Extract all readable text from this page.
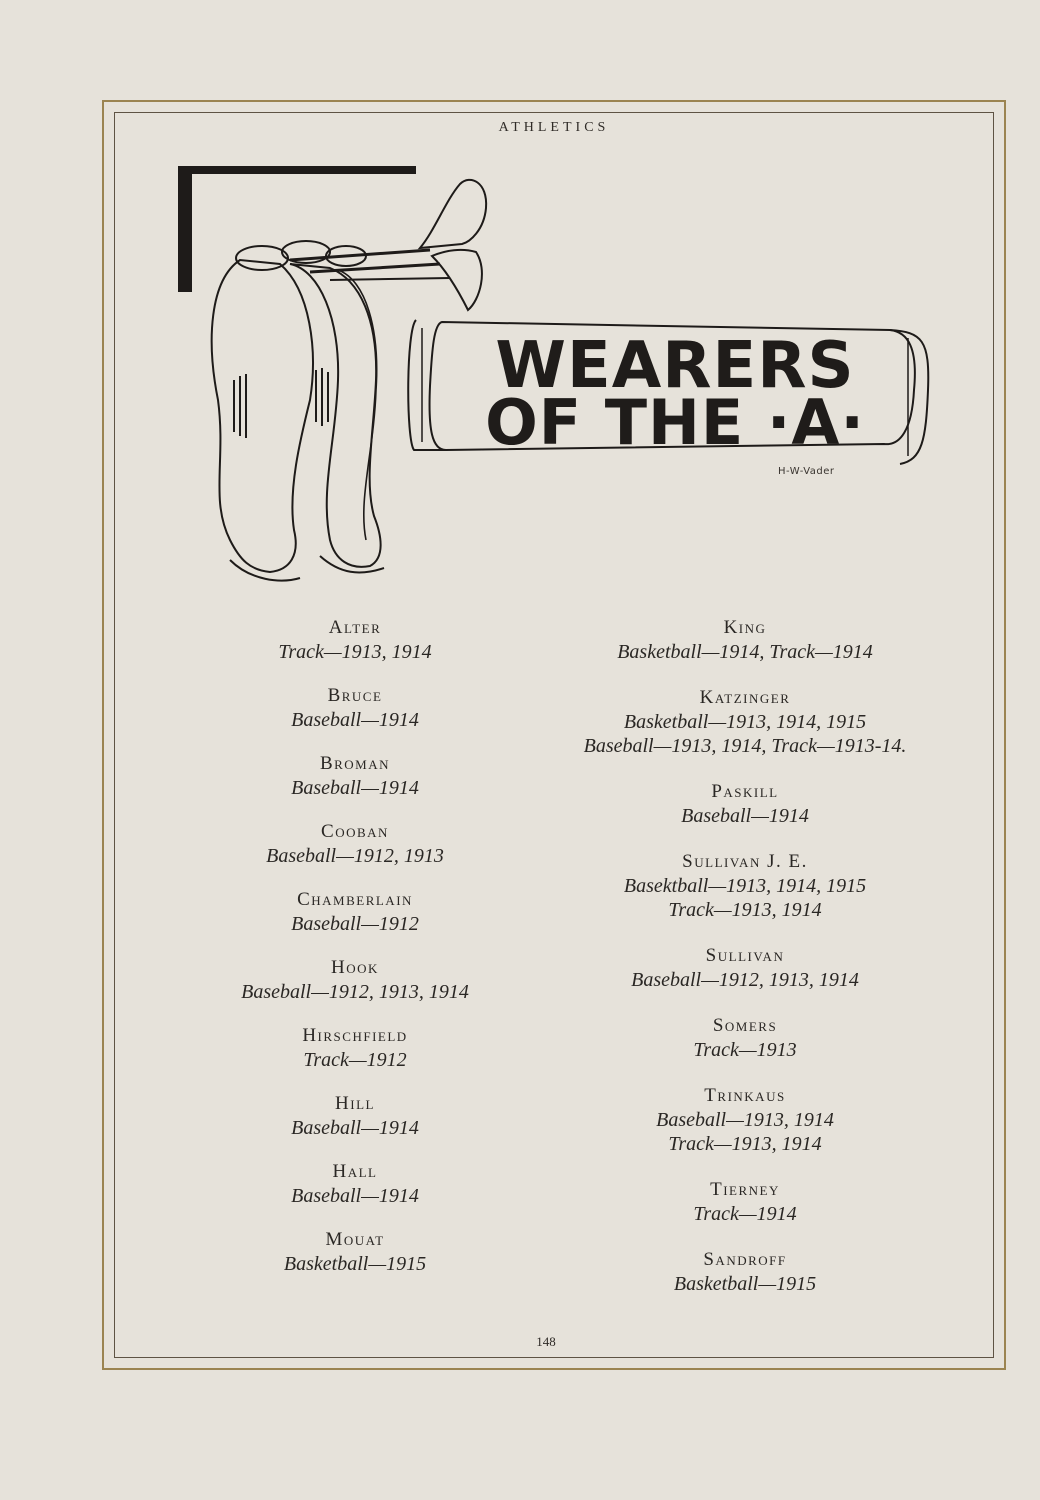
ATHLETICS
WEARERS
OF THE ·A·
H-W-Vader
Alter
Track—1913, 1914
Bruce
Baseball—1914
Broman
Baseball—1914
Cooban
Baseball—1912, 1913
Chamberlain
Baseball—1912
Hook
Baseball—1912, 1913, 1914
Hirschfield
Track—1912
Hill
Baseball—1914
Hall
Baseball—1914
Mouat
Basketball—1915
King
Basketball—1914, Track—1914
Katzinger
Basketball—1913, 1914, 1915
Baseball—1913, 1914, Track—1913-14.
Paskill
Baseball—1914
Sullivan J. E.
Basektball—1913, 1914, 1915
Track—1913, 1914
Sullivan
Baseball—1912, 1913, 1914
Somers
Track—1913
Trinkaus
Baseball—1913, 1914
Track—1913, 1914
Tierney
Track—1914
Sandroff
Basketball—1915
148
